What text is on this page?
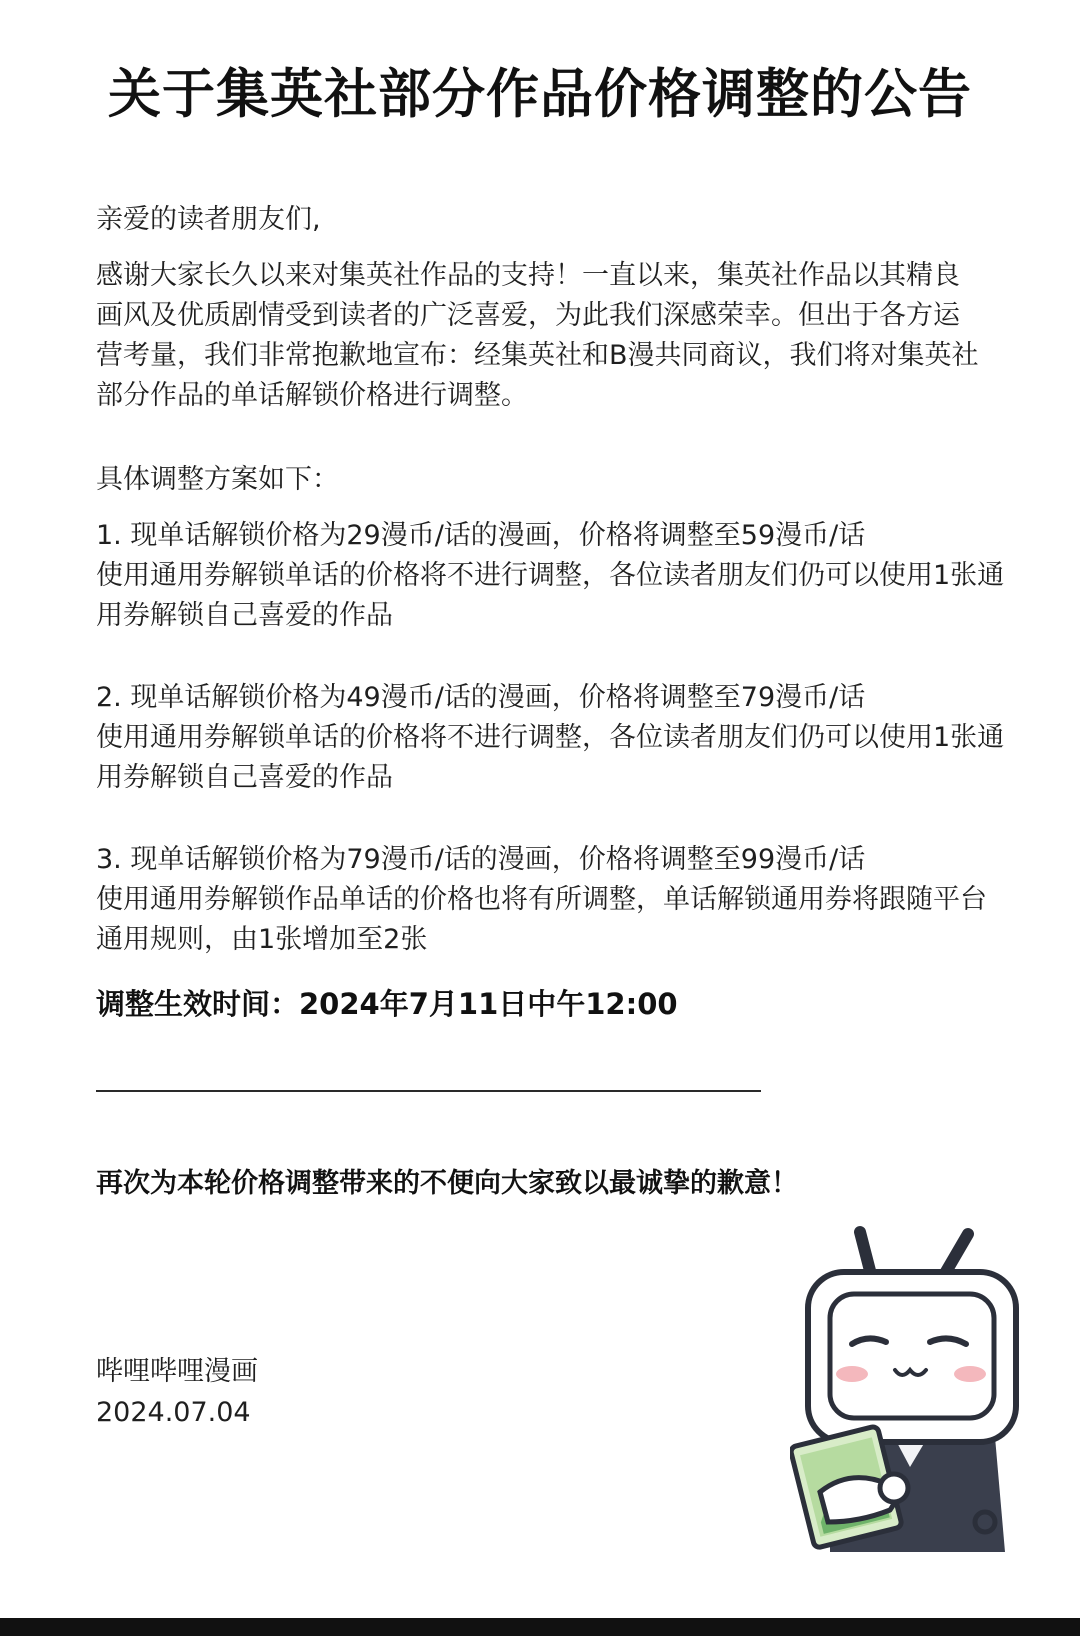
关于集英社部分作品价格调整的公告
亲爱的读者朋友们,
感谢大家长久以来对集英社作品的支持！一直以来，集英社作品以其精良
画风及优质剧情受到读者的广泛喜爱，为此我们深感荣幸。但出于各方运
营考量，我们非常抱歉地宣布：经集英社和B漫共同商议，我们将对集英社
部分作品的单话解锁价格进行调整。
具体调整方案如下：
1. 现单话解锁价格为29漫币/话的漫画，价格将调整至59漫币/话
使用通用券解锁单话的价格将不进行调整，各位读者朋友们仍可以使用1张通
用券解锁自己喜爱的作品
2. 现单话解锁价格为49漫币/话的漫画，价格将调整至79漫币/话
使用通用券解锁单话的价格将不进行调整，各位读者朋友们仍可以使用1张通
用券解锁自己喜爱的作品
3. 现单话解锁价格为79漫币/话的漫画，价格将调整至99漫币/话
使用通用券解锁作品单话的价格也将有所调整，单话解锁通用券将跟随平台
通用规则，由1张增加至2张
调整生效时间：2024年7月11日中午12:00
再次为本轮价格调整带来的不便向大家致以最诚挚的歉意！
哔哩哔哩漫画
2024.07.04
